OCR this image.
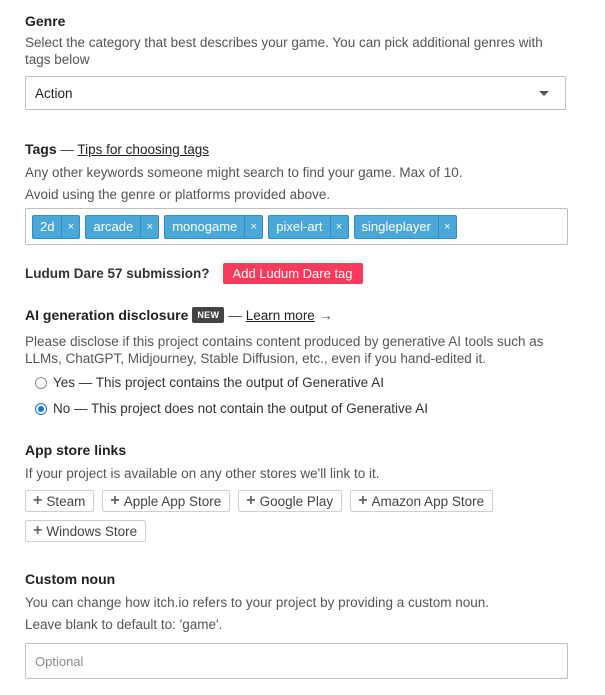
Genre
Select the category that best describes your game. You can pick additional genres with tags below
Action
Tags — Tips for choosing tags
Any other keywords someone might search to find your game. Max of 10.
Avoid using the genre or platforms provided above.
2d	×	arcade	×	monogame	×	pixel-art	×	singleplayer	×
Ludum Dare 57 submission?	Add Ludum Dare tag
AI generation disclosure	NEW — Learn more →
Please disclose if this project contains content produced by generative AI tools such as LLMs, ChatGPT, Midjourney, Stable Diffusion, etc., even if you hand-edited it.
Yes — This project contains the output of Generative AI
No — This project does not contain the output of Generative AI
App store links
If your project is available on any other stores we'll link to it.
+ Steam + Apple App Store + Google Play + Amazon App Store
+ Windows Store
Custom noun
You can change how itch.io refers to your project by providing a custom noun.
Leave blank to default to: 'game'.
Optional
